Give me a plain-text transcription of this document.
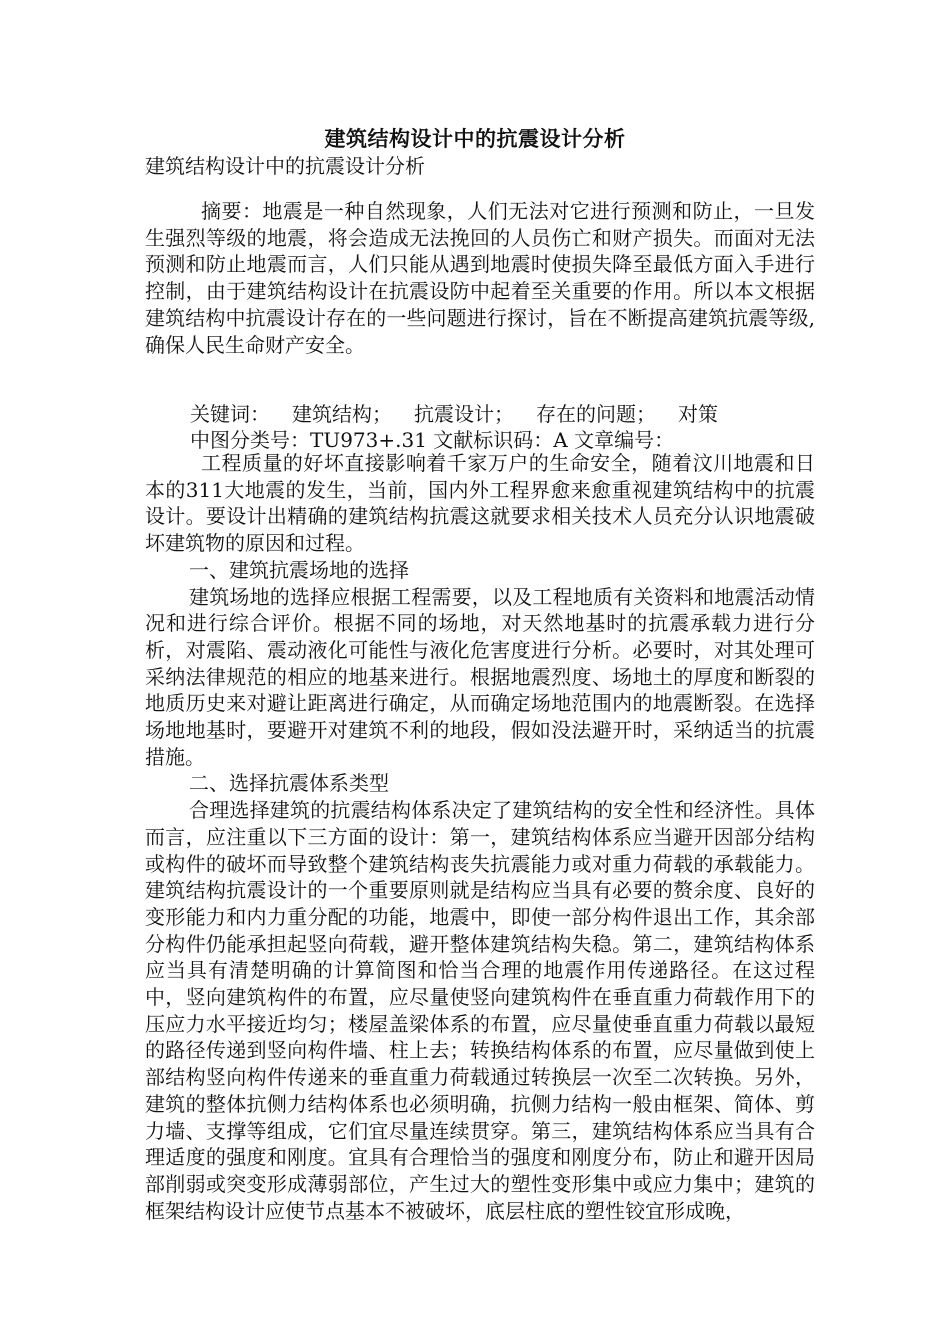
建筑结构设计中的抗震设计分析
建筑结构设计中的抗震设计分析
摘要：地震是一种自然现象，人们无法对它进行预测和防止，一旦发生强烈等级的地震，将会造成无法挽回的人员伤亡和财产损失。而面对无法预测和防止地震而言，人们只能从遇到地震时使损失降至最低方面入手进行控制，由于建筑结构设计在抗震设防中起着至关重要的作用。所以本文根据建筑结构中抗震设计存在的一些问题进行探讨，旨在不断提高建筑抗震等级,确保人民生命财产安全。
关键词： 建筑结构； 抗震设计； 存在的问题； 对策
中图分类号：TU973+.31 文献标识码：A 文章编号：

工程质量的好坏直接影响着千家万户的生命安全，随着汶川地震和日本的311大地震的发生，当前，国内外工程界愈来愈重视建筑结构中的抗震设计。要设计出精确的建筑结构抗震这就要求相关技术人员充分认识地震破坏建筑物的原因和过程。

一、建筑抗震场地的选择

建筑场地的选择应根据工程需要，以及工程地质有关资料和地震活动情况和进行综合评价。根据不同的场地，对天然地基时的抗震承载力进行分析，对震陷、震动液化可能性与液化危害度进行分析。必要时，对其处理可采纳法律规范的相应的地基来进行。根据地震烈度、场地土的厚度和断裂的地质历史来对避让距离进行确定，从而确定场地范围内的地震断裂。在选择场地地基时，要避开对建筑不利的地段，假如没法避开时，采纳适当的抗震措施。

二、选择抗震体系类型

合理选择建筑的抗震结构体系决定了建筑结构的安全性和经济性。具体而言，应注重以下三方面的设计：第一，建筑结构体系应当避开因部分结构或构件的破坏而导致整个建筑结构丧失抗震能力或对重力荷载的承载能力。建筑结构抗震设计的一个重要原则就是结构应当具有必要的赘余度、良好的变形能力和内力重分配的功能，地震中，即使一部分构件退出工作，其余部分构件仍能承担起竖向荷载，避开整体建筑结构失稳。第二，建筑结构体系应当具有清楚明确的计算简图和恰当合理的地震作用传递路径。在这过程中，竖向建筑构件的布置，应尽量使竖向建筑构件在垂直重力荷载作用下的压应力水平接近均匀；楼屋盖梁体系的布置，应尽量使垂直重力荷载以最短的路径传递到竖向构件墙、柱上去；转换结构体系的布置，应尽量做到使上部结构竖向构件传递来的垂直重力荷载通过转换层一次至二次转换。另外，建筑的整体抗侧力结构体系也必须明确，抗侧力结构一般由框架、简体、剪力墙、支撑等组成，它们宜尽量连续贯穿。第三，建筑结构体系应当具有合理适度的强度和刚度。宜具有合理恰当的强度和刚度分布，防止和避开因局部削弱或突变形成薄弱部位，产生过大的塑性变形集中或应力集中；建筑的框架结构设计应使节点基本不被破坏，底层柱底的塑性铰宜形成晚，
